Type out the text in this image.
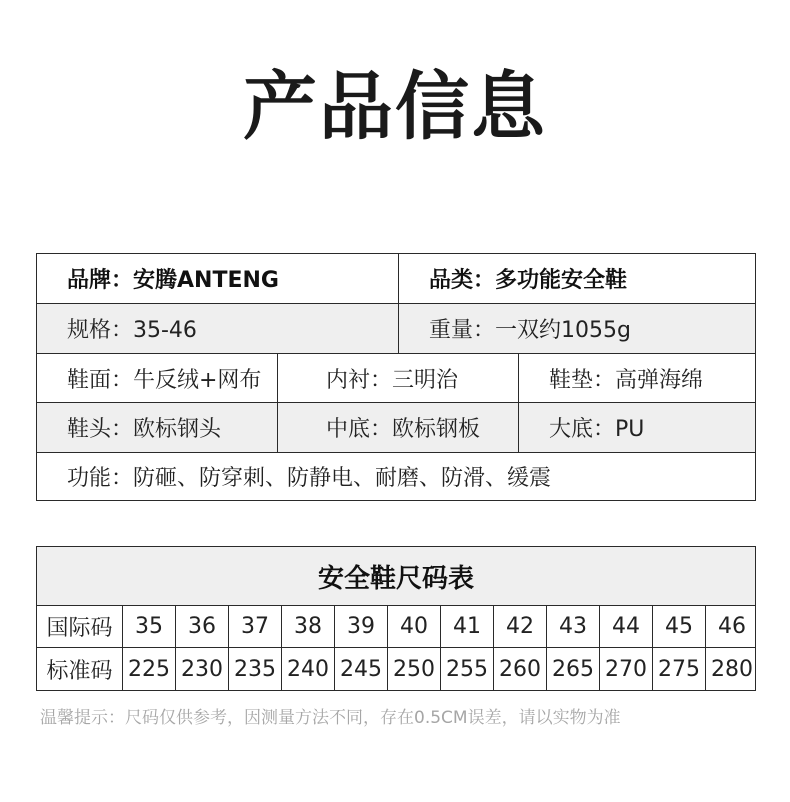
产品信息
品牌：安腾ANTENG	品类：多功能安全鞋
规格：35-46	重量：一双约1055g
鞋面：牛反绒+网布	内衬：三明治	鞋垫：高弹海绵
鞋头：欧标钢头	中底：欧标钢板	大底：PU
功能：防砸、防穿刺、防静电、耐磨、防滑、缓震
安全鞋尺码表
国际码	35	36	37	38	39	40	41	42	43	44	45	46
标准码 225 230 235 240 245 250 255 260 265 270 275 280
温馨提示：尺码仅供参考，因测量方法不同，存在0.5CM误差，请以实物为准
